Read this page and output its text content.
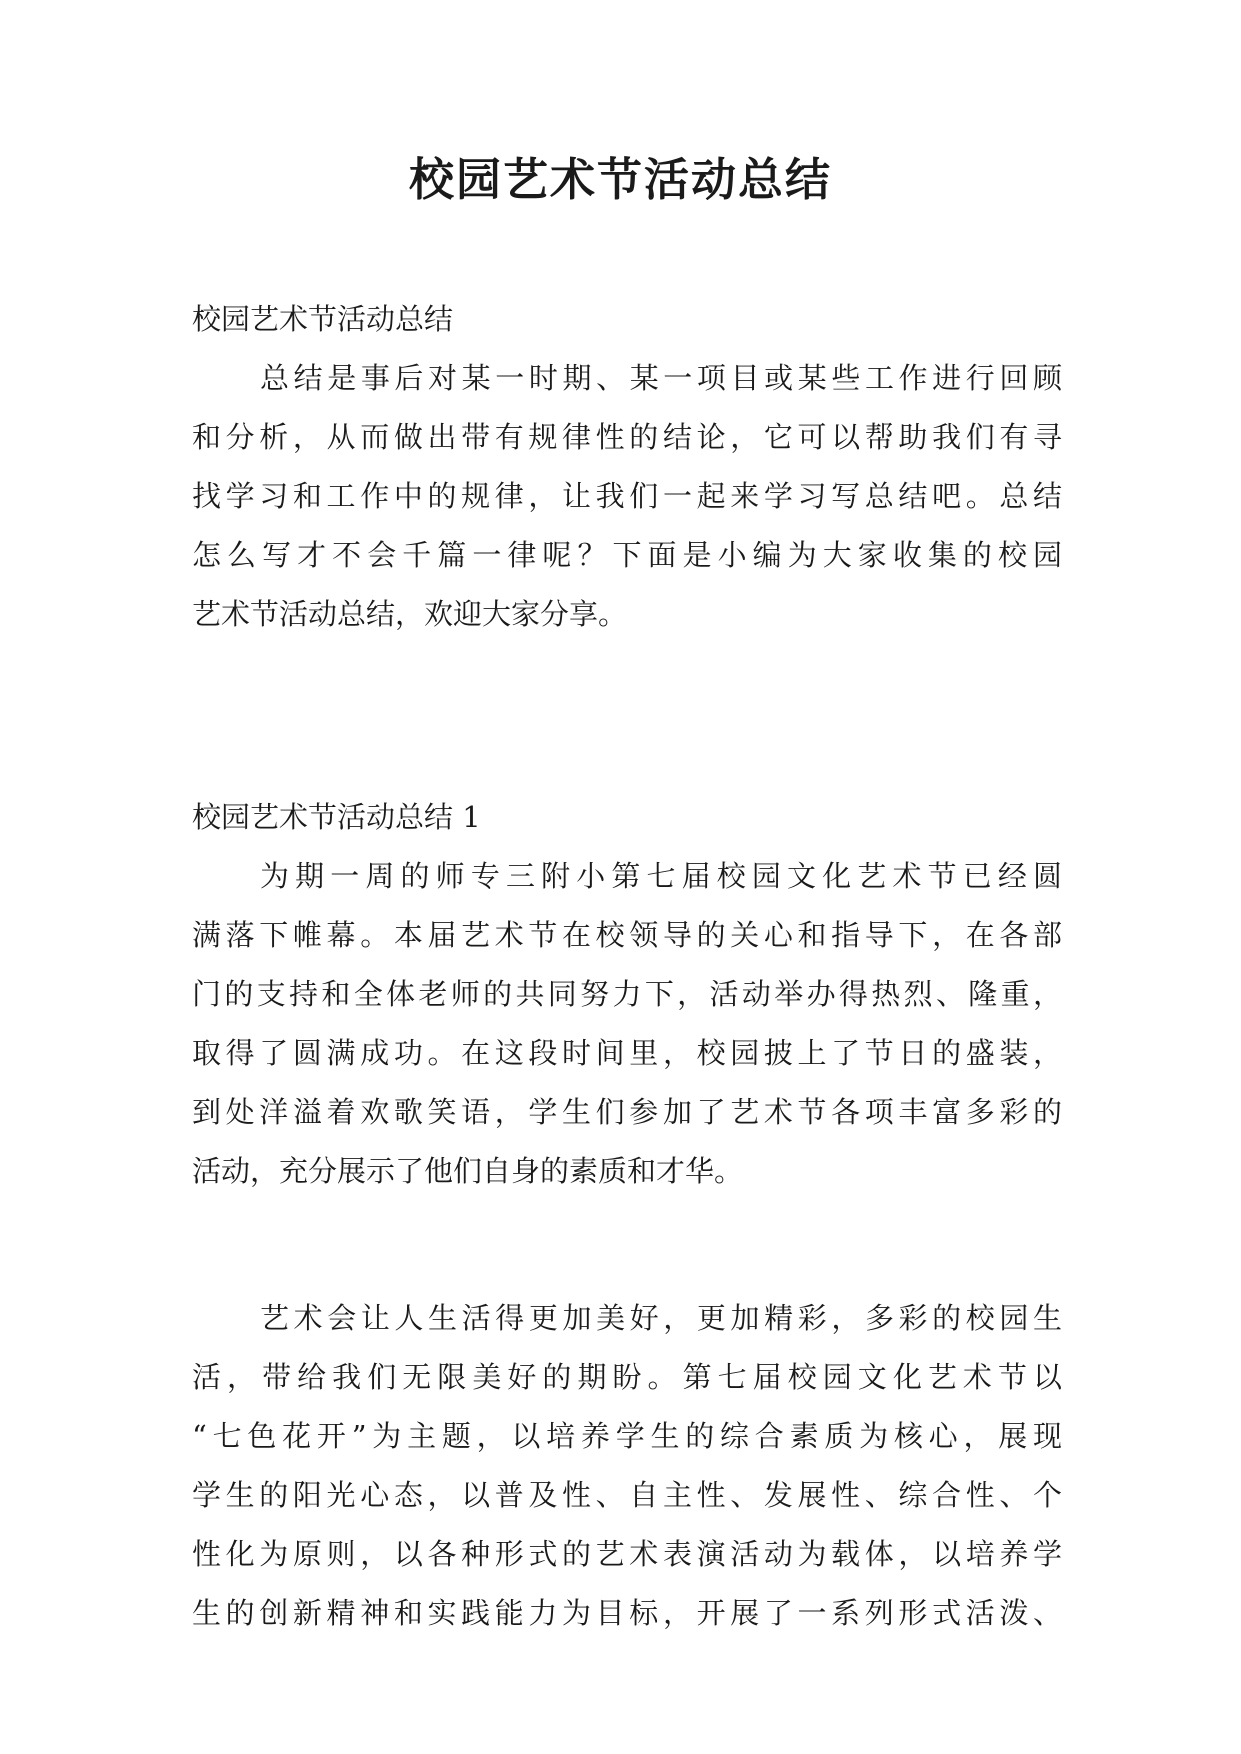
校园艺术节活动总结
校园艺术节活动总结
总结是事后对某一时期、某一项目或某些工作进行回顾
和分析，从而做出带有规律性的结论，它可以帮助我们有寻
找学习和工作中的规律，让我们一起来学习写总结吧。总结
怎么写才不会千篇一律呢？下面是小编为大家收集的校园
艺术节活动总结，欢迎大家分享。
校园艺术节活动总结 1
为期一周的师专三附小第七届校园文化艺术节已经圆
满落下帷幕。本届艺术节在校领导的关心和指导下，在各部
门的支持和全体老师的共同努力下，活动举办得热烈、隆重，
取得了圆满成功。在这段时间里，校园披上了节日的盛装，
到处洋溢着欢歌笑语，学生们参加了艺术节各项丰富多彩的
活动，充分展示了他们自身的素质和才华。
艺术会让人生活得更加美好，更加精彩，多彩的校园生
活，带给我们无限美好的期盼。第七届校园文化艺术节以
“七色花开”为主题，以培养学生的综合素质为核心，展现
学生的阳光心态，以普及性、自主性、发展性、综合性、个
性化为原则，以各种形式的艺术表演活动为载体，以培养学
生的创新精神和实践能力为目标，开展了一系列形式活泼、
